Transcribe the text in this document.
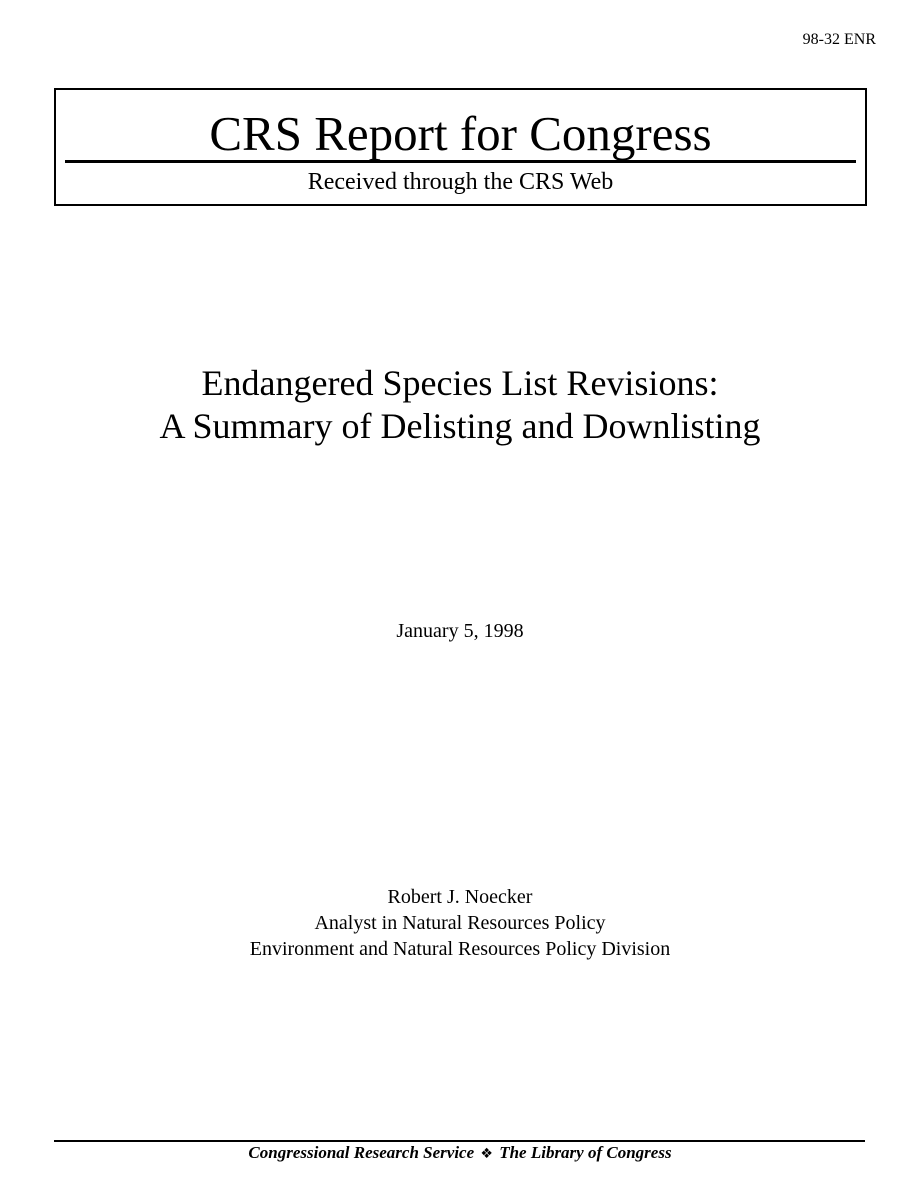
98-32 ENR
CRS Report for Congress
Received through the CRS Web
Endangered Species List Revisions:
A Summary of Delisting and Downlisting
January 5, 1998
Robert J. Noecker
Analyst in Natural Resources Policy
Environment and Natural Resources Policy Division
Congressional Research Service ❖ The Library of Congress
